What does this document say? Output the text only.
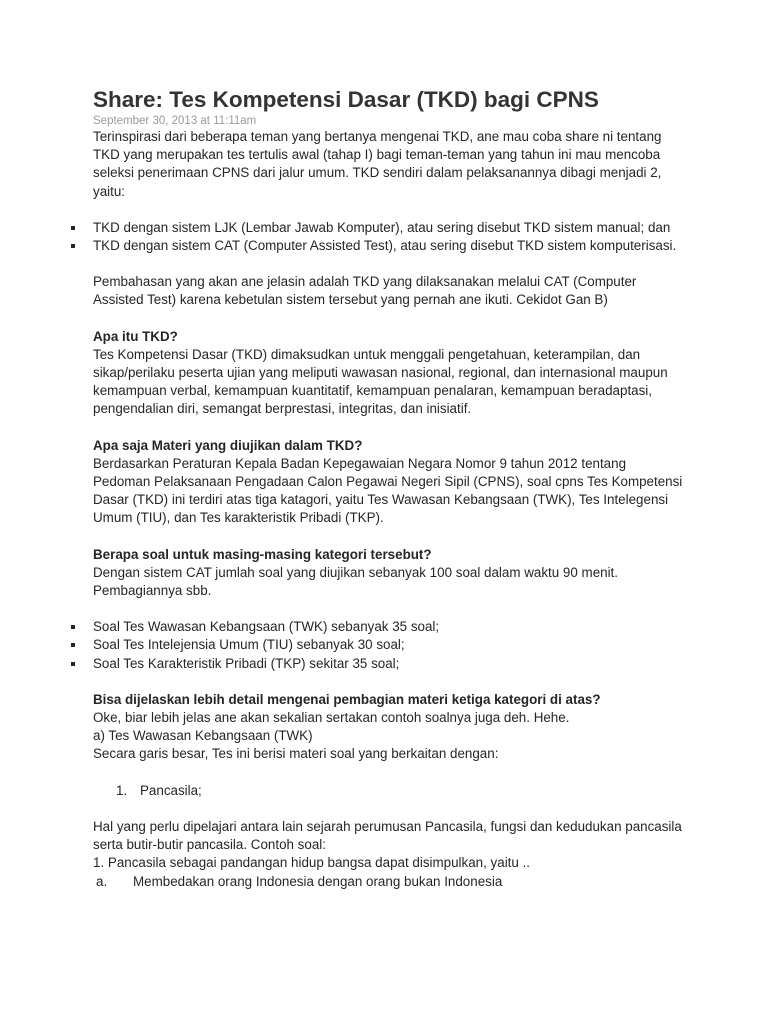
Share: Tes Kompetensi Dasar (TKD) bagi CPNS
September 30, 2013 at 11:11am

Terinspirasi dari beberapa teman yang bertanya mengenai TKD, ane mau coba share ni tentang TKD yang merupakan tes tertulis awal (tahap I) bagi teman-teman yang tahun ini mau mencoba seleksi penerimaan CPNS dari jalur umum. TKD sendiri dalam pelaksanannya dibagi menjadi 2, yaitu:

TKD dengan sistem LJK (Lembar Jawab Komputer), atau sering disebut TKD sistem manual; dan
TKD dengan sistem CAT (Computer Assisted Test), atau sering disebut TKD sistem komputerisasi.

Pembahasan yang akan ane jelasin adalah TKD yang dilaksanakan melalui CAT (Computer Assisted Test) karena kebetulan sistem tersebut yang pernah ane ikuti. Cekidot Gan B)

Apa itu TKD?

Tes Kompetensi Dasar (TKD) dimaksudkan untuk menggali pengetahuan, keterampilan, dan sikap/perilaku peserta ujian yang meliputi wawasan nasional, regional, dan internasional maupun kemampuan verbal, kemampuan kuantitatif, kemampuan penalaran, kemampuan beradaptasi, pengendalian diri, semangat berprestasi, integritas, dan inisiatif.

Apa saja Materi yang diujikan dalam TKD?

Berdasarkan Peraturan Kepala Badan Kepegawaian Negara Nomor 9 tahun 2012 tentang Pedoman Pelaksanaan Pengadaan Calon Pegawai Negeri Sipil (CPNS), soal cpns Tes Kompetensi Dasar (TKD) ini terdiri atas tiga katagori, yaitu Tes Wawasan Kebangsaan (TWK), Tes Intelegensi Umum (TIU), dan Tes karakteristik Pribadi (TKP).

Berapa soal untuk masing-masing kategori tersebut?

Dengan sistem CAT jumlah soal yang diujikan sebanyak 100 soal dalam waktu 90 menit. Pembagiannya sbb.

Soal Tes Wawasan Kebangsaan (TWK) sebanyak 35 soal;
Soal Tes Intelejensia Umum (TIU) sebanyak 30 soal;
Soal Tes Karakteristik Pribadi (TKP) sekitar 35 soal;

Bisa dijelaskan lebih detail mengenai pembagian materi ketiga kategori di atas?

Oke, biar lebih jelas ane akan sekalian sertakan contoh soalnya juga deh. Hehe.

a) Tes Wawasan Kebangsaan (TWK)

Secara garis besar, Tes ini berisi materi soal yang berkaitan dengan:

1. Pancasila;

Hal yang perlu dipelajari antara lain sejarah perumusan Pancasila, fungsi dan kedudukan pancasila serta butir-butir pancasila. Contoh soal:

1. Pancasila sebagai pandangan hidup bangsa dapat disimpulkan, yaitu ..

a. Membedakan orang Indonesia dengan orang bukan Indonesia
